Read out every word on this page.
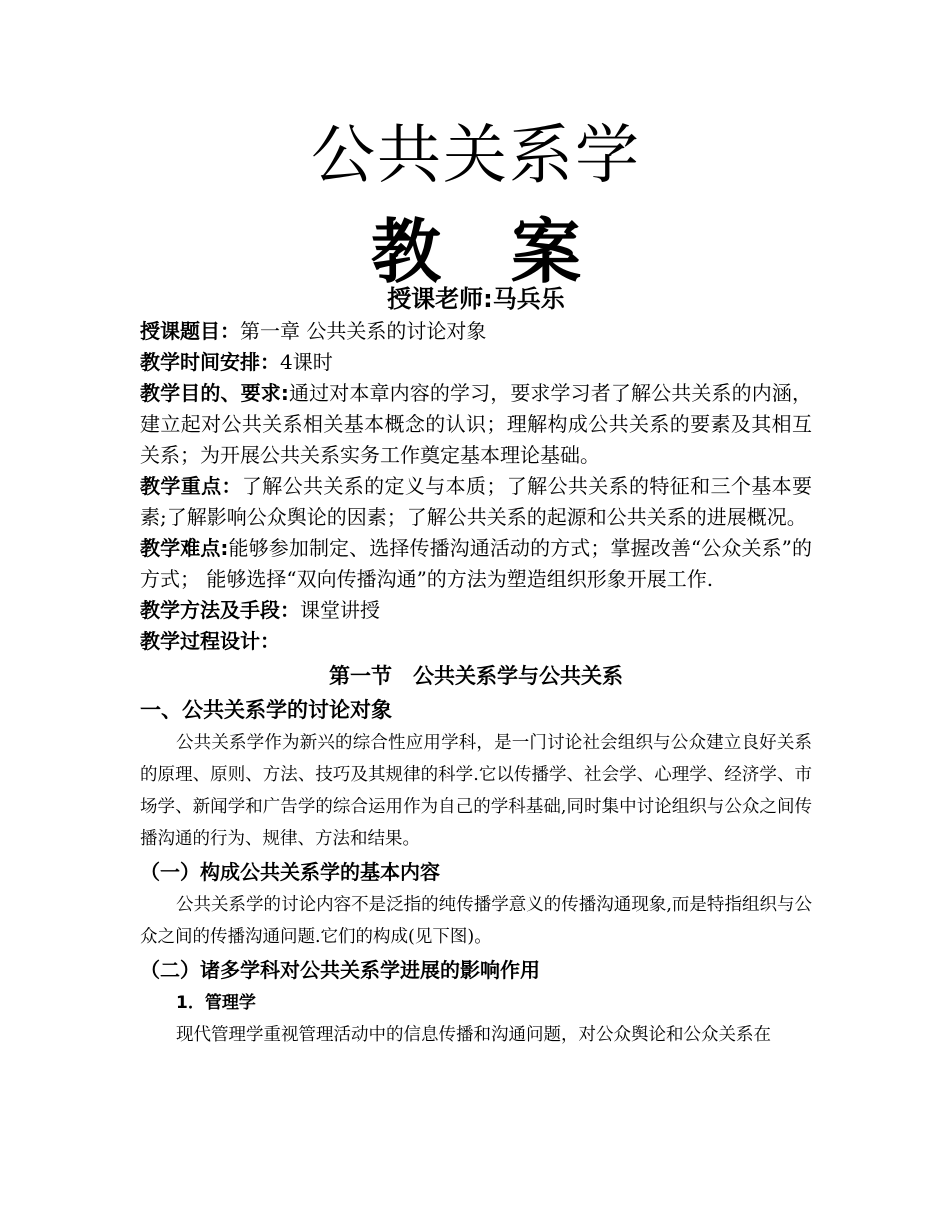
公共关系学
教 案
授课老师:马兵乐

授课题目：第一章 公共关系的讨论对象

教学时间安排：4课时

教学目的、要求:通过对本章内容的学习，要求学习者了解公共关系的内涵，建立起对公共关系相关基本概念的认识；理解构成公共关系的要素及其相互关系；为开展公共关系实务工作奠定基本理论基础。

教学重点：了解公共关系的定义与本质；了解公共关系的特征和三个基本要素;了解影响公众舆论的因素；了解公共关系的起源和公共关系的进展概况。

教学难点:能够参加制定、选择传播沟通活动的方式；掌握改善“公众关系”的方式； 能够选择“双向传播沟通”的方法为塑造组织形象开展工作.

教学方法及手段：课堂讲授

教学过程设计：

第一节　公共关系学与公共关系
一、公共关系学的讨论对象

公共关系学作为新兴的综合性应用学科，是一门讨论社会组织与公众建立良好关系的原理、原则、方法、技巧及其规律的科学.它以传播学、社会学、心理学、经济学、市场学、新闻学和广告学的综合运用作为自己的学科基础,同时集中讨论组织与公众之间传播沟通的行为、规律、方法和结果。

（一）构成公共关系学的基本内容

公共关系学的讨论内容不是泛指的纯传播学意义的传播沟通现象,而是特指组织与公众之间的传播沟通问题.它们的构成(见下图)。

（二）诸多学科对公共关系学进展的影响作用
1．管理学

现代管理学重视管理活动中的信息传播和沟通问题，对公众舆论和公众关系在
